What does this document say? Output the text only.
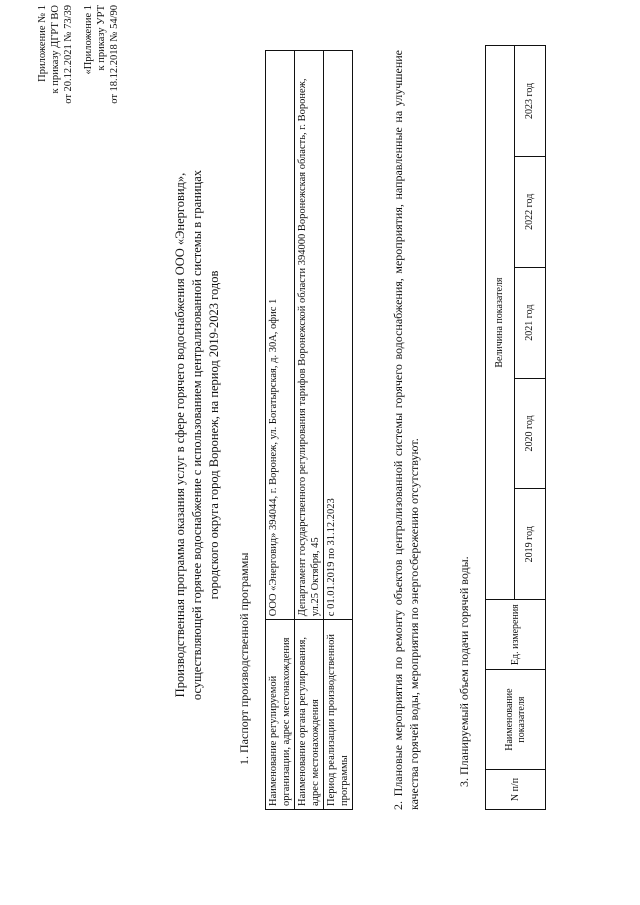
Приложение № 1 к приказу ДГРТ ВО от 20.12.2021 № 73/39 «Приложение 1 к приказу УРТ от 18.12.2018 № 54/90
Производственная программа оказания услуг в сфере горячего водоснабжения ООО «Энерговид», осуществляющей горячее водоснабжение с использованием централизованной системы в границах городского округа город Воронеж, на период 2019-2023 годов
1. Паспорт производственной программы Наименование регулируемой организации, адрес местонахождения	ООО «Энерговид» 394044, г. Воронеж, ул. Богатырская, д. 30А, офис 1
Наименование органа регулирования, адрес местонахождения	Департамент государственного регулирования тарифов Воронежской области 394000 Воронежская область, г. Воронеж, ул.25 Октября, 45
Период реализации производственной программы	с 01.01.2019 по 31.12.2023	2. Плановые мероприятия по ремонту объектов централизованной системы горячего водоснабжения, мероприятия, направленные на улучшение качества горячей воды, мероприятия по энергосбережению отсутствуют.	3. Планируемый объем подачи горячей воды.
N п/п	Наименование показателя	Ед. измерения	Величина показателя				
			2019 год	2020 год	2021 год	2022 год	2023 год
